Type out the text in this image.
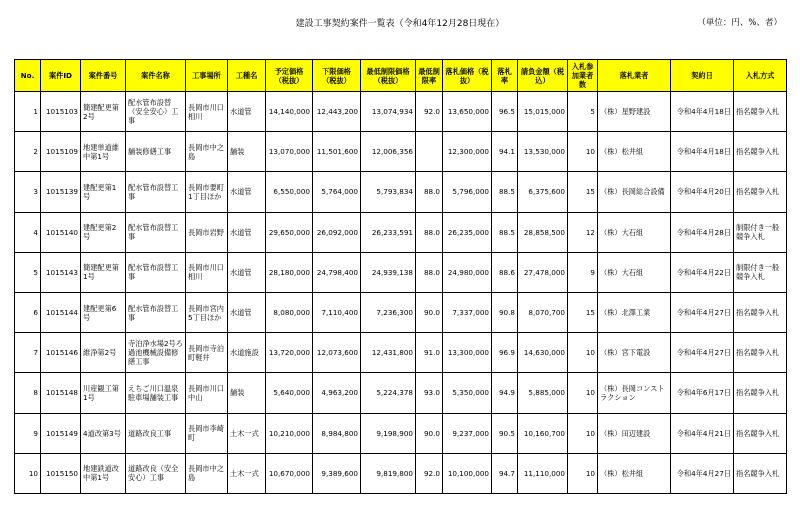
建設工事契約案件一覧表（令和4年12月28日現在）	（単位：円、%、者）
No.	案件ID	案件番号	案件名称	工事場所	工種名	予定価格（税抜）	下限価格（税抜）	最低制限価格（税抜）	最低制限率	落札価格（税抜）	落札率	請負金額（税込）	入札参加業者数	落札業者	契約日	入札方式
1	1015103	簡建配更第2号	配水管布設替（安全安心）工事	長岡市川口相川	水道管	14,140,000	12,443,200	13,074,934	92.0	13,650,000	96.5	15,015,000	5	（株）星野建設	令和4年4月18日	指名競争入札
2	1015109	地建単道維中第1号	舗装修繕工事	長岡市中之島	舗装	13,070,000	11,501,600	12,006,356		12,300,000	94.1	13,530,000	10	（株）松井組	令和4年4月18日	指名競争入札
3	1015139	建配更第1号	配水管布設替工事	長岡市要町1丁目ほか	水道管	6,550,000	5,764,000	5,793,834	88.0	5,796,000	88.5	6,375,600	15	（株）長岡総合設備	令和4年4月20日	指名競争入札
4	1015140	建配更第2号	配水管布設替工事	長岡市岩野	水道管	29,650,000	26,092,000	26,233,591	88.0	26,235,000	88.5	28,858,500	12	（株）大石組	令和4年4月28日	制限付き一般競争入札
5	1015143	簡建配更第1号	配水管布設替工事	長岡市川口相川	水道管	28,180,000	24,798,400	24,939,138	88.0	24,980,000	88.6	27,478,000	9	（株）大石組	令和4年4月22日	制限付き一般競争入札
6	1015144	建配更第6号	配水管布設替工事	長岡市宮内5丁目ほか	水道管	8,080,000	7,110,400	7,236,300	90.0	7,337,000	90.8	8,070,700	15	（株）北澤工業	令和4年4月27日	指名競争入札
7	1015146	維浄第2号	寺泊浄水場2号ろ過池機械設備修繕工事	長岡市寺泊町軽井	水道施設	13,720,000	12,073,600	12,431,800	91.0	13,300,000	96.9	14,630,000	10	（株）宮下電設	令和4年4月27日	指名競争入札
8	1015148	川産観工第1号	えちご川口温泉駐車場舗装工事	長岡市川口中山	舗装	5,640,000	4,963,200	5,224,378	93.0	5,350,000	94.9	5,885,000	10	（株）長岡コンストラクション	令和4年6月17日	指名競争入札
9	1015149	4道改第3号	道路改良工事	長岡市李崎町	土木一式	10,210,000	8,984,800	9,198,900	90.0	9,237,000	90.5	10,160,700	10	（株）田辺建設	令和4年4月21日	指名競争入札
10	1015150	地建鉄道改中第1号	道路改良（安全安心）工事	長岡市中之島	土木一式	10,670,000	9,389,600	9,819,800	92.0	10,100,000	94.7	11,110,000	10	（株）松井組	令和4年4月27日	指名競争入札
